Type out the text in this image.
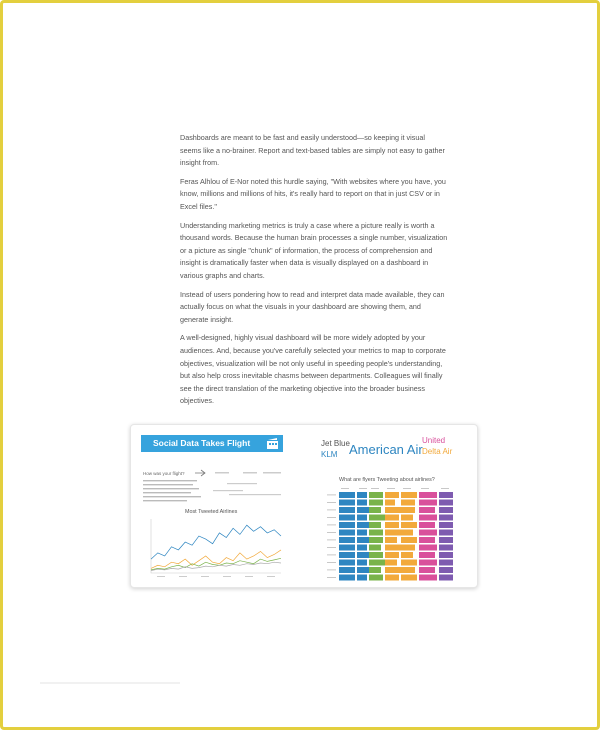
Dashboards are meant to be fast and easily understood—so keeping it visual seems like a no-brainer. Report and text-based tables are simply not easy to gather insight from.

Feras Alhlou of E-Nor noted this hurdle saying, "With websites where you have, you know, millions and millions of hits, it's really hard to report on that in just CSV or in Excel files."

Understanding marketing metrics is truly a case where a picture really is worth a thousand words. Because the human brain processes a single number, visualization or a picture as single "chunk" of information, the process of comprehension and insight is dramatically faster when data is visually displayed on a dashboard in various graphs and charts.

Instead of users pondering how to read and interpret data made available, they can actually focus on what the visuals in your dashboard are showing them, and generate insight.

A well-designed, highly visual dashboard will be more widely adopted by your audiences. And, because you've carefully selected your metrics to map to corporate objectives, visualization will be not only useful in speeding people's understanding, but also help cross inevitable chasms between departments. Colleagues will finally see the direct translation of the marketing objective into the broader business objectives.

Social Data Takes Flight
How was your flight?
Most Tweeted Airlines
Jet Blue
KLM American Air
United
Delta Air
What are flyers Tweeting about airlines?
